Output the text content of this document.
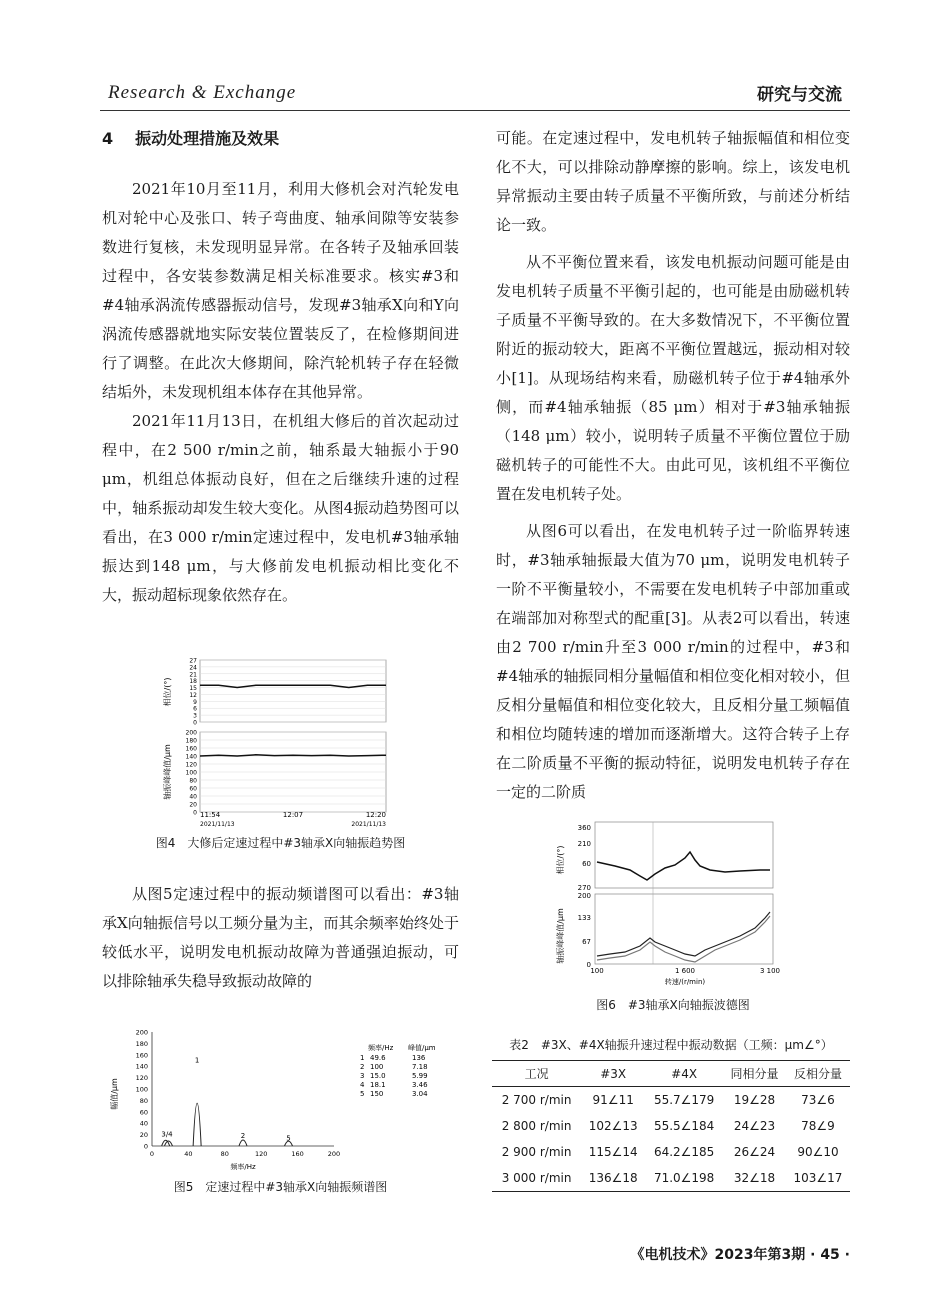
Research & Exchange	研究与交流
4 振动处理措施及效果

2021年10月至11月，利用大修机会对汽轮发电机对轮中心及张口、转子弯曲度、轴承间隙等安装参数进行复核，未发现明显异常。在各转子及轴承回装过程中，各安装参数满足相关标准要求。核实#3和#4轴承涡流传感器振动信号，发现#3轴承X向和Y向涡流传感器就地实际安装位置装反了，在检修期间进行了调整。在此次大修期间，除汽轮机转子存在轻微结垢外，未发现机组本体存在其他异常。

2021年11月13日，在机组大修后的首次起动过程中，在2 500 r/min之前，轴系最大轴振小于90 μm，机组总体振动良好，但在之后继续升速的过程中，轴系振动却发生较大变化。从图4振动趋势图可以看出，在3 000 r/min定速过程中，发电机#3轴承轴振达到148 μm，与大修前发电机振动相比变化不大，振动超标现象依然存在。

相位/(°)
轴振峰峰值/μm
27
24
21
18
15
12
9
6
3
0
200
180
160
140
120
100
80
60
40
20
0 11:54	12:07	12:20
2021/11/13	2021/11/13
图4　大修后定速过程中#3轴承X向轴振趋势图

从图5定速过程中的振动频谱图可以看出：#3轴承X向轴振信号以工频分量为主，而其余频率始终处于较低水平，说明发电机振动故障为普通强迫振动，可以排除轴承失稳导致振动故障的

幅值/μm
200
180
160
140
120
100
80
60
40
20
0
0	40	80	120	160	200
1
2	5
3/4
频率/Hz
频率/Hz 峰值/μm
1 49.6	136
2 100	7.18
3 15.0	5.99
4 18.1	3.46
5 150	3.04
图5　定速过程中#3轴承X向轴振频谱图

可能。在定速过程中，发电机转子轴振幅值和相位变化不大，可以排除动静摩擦的影响。综上，该发电机异常振动主要由转子质量不平衡所致，与前述分析结论一致。

从不平衡位置来看，该发电机振动问题可能是由发电机转子质量不平衡引起的，也可能是由励磁机转子质量不平衡导致的。在大多数情况下，不平衡位置附近的振动较大，距离不平衡位置越远，振动相对较小[1]。从现场结构来看，励磁机转子位于#4轴承外侧，而#4轴承轴振（85 μm）相对于#3轴承轴振（148 μm）较小，说明转子质量不平衡位置位于励磁机转子的可能性不大。由此可见，该机组不平衡位置在发电机转子处。

从图6可以看出，在发电机转子过一阶临界转速时，#3轴承轴振最大值为70 μm，说明发电机转子一阶不平衡量较小，不需要在发电机转子中部加重或在端部加对称型式的配重[3]。从表2可以看出，转速由2 700 r/min升至3 000 r/min的过程中，#3和#4轴承的轴振同相分量幅值和相位变化相对较小，但反相分量幅值和相位变化较大，且反相分量工频幅值和相位均随转速的增加而逐渐增大。这符合转子上存在二阶质量不平衡的振动特征，说明发电机转子存在一定的二阶质

相位/(°)
轴振峰峰值/μm
360
210
60
270
200
133
67
0
100	1 600	3 100
转速/(r/min)
图6　#3轴承X向轴振波德图
表2　#3X、#4X轴振升速过程中振动数据（工频：μm∠°）
工况	#3X	#4X	同相分量	反相分量
2 700 r/min	91∠11	55.7∠179	19∠28	73∠6
2 800 r/min	102∠13	55.5∠184	24∠23	78∠9
2 900 r/min	115∠14	64.2∠185	26∠24	90∠10
3 000 r/min	136∠18	71.0∠198	32∠18	103∠17
《电机技术》2023年第3期 · 45 ·
